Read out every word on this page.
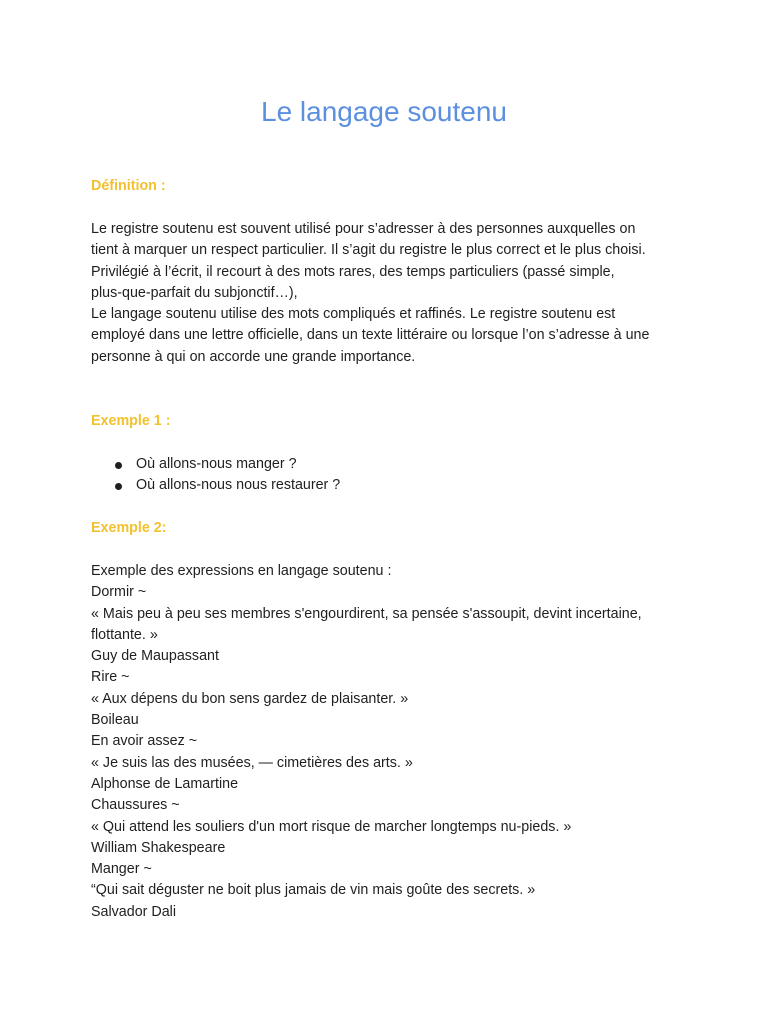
Le langage soutenu

Définition :

Le registre soutenu est souvent utilisé pour s’adresser à des personnes auxquelles on

tient à marquer un respect particulier. Il s’agit du registre le plus correct et le plus choisi.

Privilégié à l’écrit, il recourt à des mots rares, des temps particuliers (passé simple,

plus-que-parfait du subjonctif…),

Le langage soutenu utilise des mots compliqués et raffinés. Le registre soutenu est

employé dans une lettre officielle, dans un texte littéraire ou lorsque l’on s’adresse à une

personne à qui on accorde une grande importance.

Exemple 1 :

Où allons-nous manger ?
Où allons-nous nous restaurer ?

Exemple 2:

Exemple des expressions en langage soutenu :

Dormir ~

« Mais peu à peu ses membres s'engourdirent, sa pensée s'assoupit, devint incertaine,

flottante. »

Guy de Maupassant

Rire ~

« Aux dépens du bon sens gardez de plaisanter. »

Boileau

En avoir assez ~

« Je suis las des musées, — cimetières des arts. »

Alphonse de Lamartine

Chaussures ~

« Qui attend les souliers d'un mort risque de marcher longtemps nu-pieds. »

William Shakespeare

Manger ~

“Qui sait déguster ne boit plus jamais de vin mais goûte des secrets. »

Salvador Dali
